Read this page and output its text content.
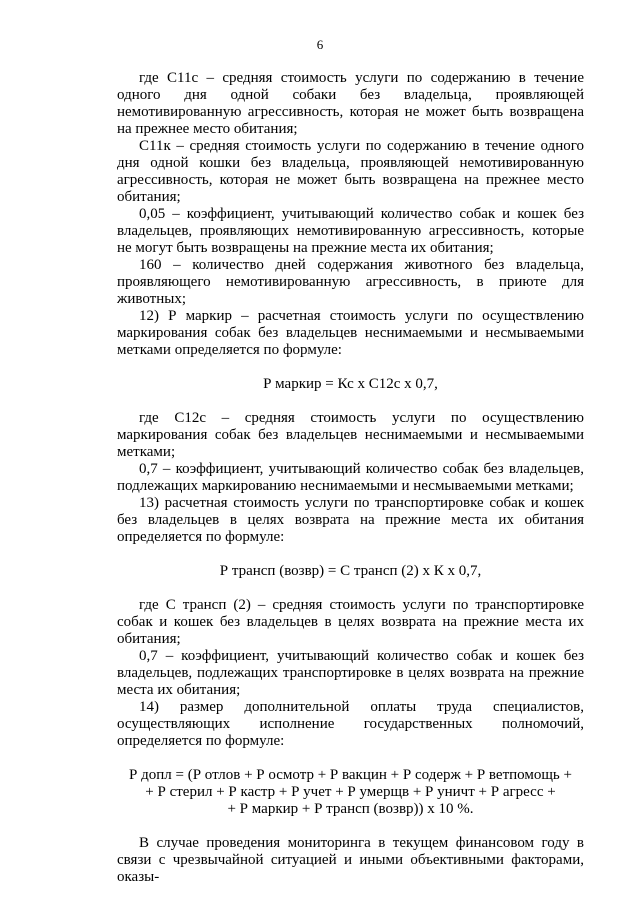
6

где С11с – средняя стоимость услуги по содержанию в течение одного дня одной собаки без владельца, проявляющей немотивированную агрессивность, которая не может быть возвращена на прежнее место обитания;

С11к – средняя стоимость услуги по содержанию в течение одного дня одной кошки без владельца, проявляющей немотивированную агрессивность, которая не может быть возвращена на прежнее место обитания;

0,05 – коэффициент, учитывающий количество собак и кошек без владельцев, проявляющих немотивированную агрессивность, которые не могут быть возвращены на прежние места их обитания;

160 – количество дней содержания животного без владельца, проявляющего немотивированную агрессивность, в приюте для животных;

12) Р маркир – расчетная стоимость услуги по осуществлению маркирования собак без владельцев неснимаемыми и несмываемыми метками определяется по формуле:

Р маркир = Кс х С12с х 0,7,

где С12с – средняя стоимость услуги по осуществлению маркирования собак без владельцев неснимаемыми и несмываемыми метками;

0,7 – коэффициент, учитывающий количество собак без владельцев, подлежащих маркированию неснимаемыми и несмываемыми метками;

13) расчетная стоимость услуги по транспортировке собак и кошек без владельцев в целях возврата на прежние места их обитания определяется по формуле:

Р трансп (возвр) = С трансп (2) х К х 0,7,

где С трансп (2) – средняя стоимость услуги по транспортировке собак и кошек без владельцев в целях возврата на прежние места их обитания;

0,7 – коэффициент, учитывающий количество собак и кошек без владельцев, подлежащих транспортировке в целях возврата на прежние места их обитания;

14) размер дополнительной оплаты труда специалистов, осуществляющих исполнение государственных полномочий, определяется по формуле:

Р допл = (Р отлов + Р осмотр + Р вакцин + Р содерж + Р ветпомощь +

+ Р стерил + Р кастр + Р учет + Р умерщв + Р уничт + Р агресс +

+ Р маркир + Р трансп (возвр)) х 10 %.

В случае проведения мониторинга в текущем финансовом году в связи с чрезвычайной ситуацией и иными объективными факторами, оказы-
